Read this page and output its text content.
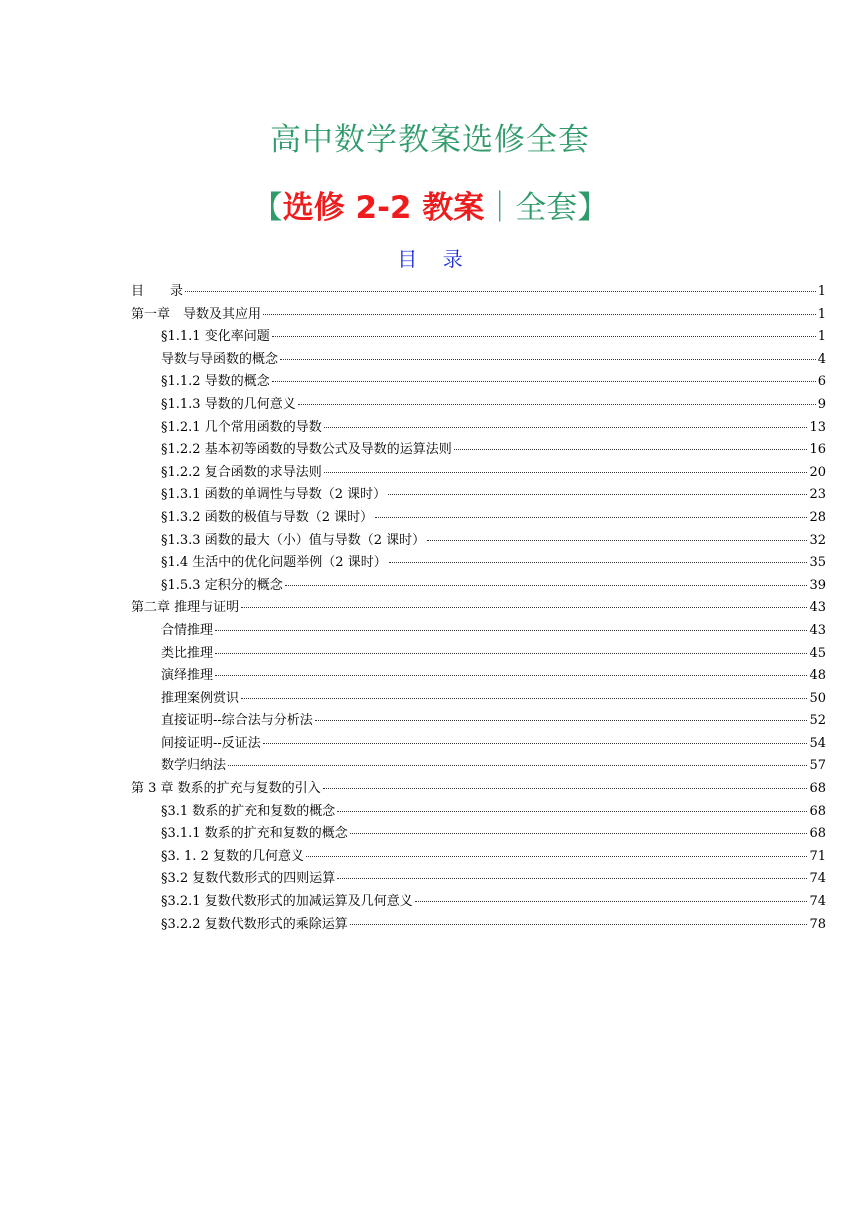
高中数学教案选修全套
【选修 2-2 教案｜全套】
目    录
目　　录	1
第一章　导数及其应用	1
§1.1.1 变化率问题	1
导数与导函数的概念	4
§1.1.2 导数的概念	6
§1.1.3 导数的几何意义	9
§1.2.1 几个常用函数的导数	13
§1.2.2 基本初等函数的导数公式及导数的运算法则	16
§1.2.2 复合函数的求导法则	20
§1.3.1 函数的单调性与导数（2 课时）	23
§1.3.2 函数的极值与导数（2 课时）	28
§1.3.3 函数的最大（小）值与导数（2 课时）	32
§1.4 生活中的优化问题举例（2 课时）	35
§1.5.3 定积分的概念	39
第二章 推理与证明	43
合情推理	43
类比推理	45
演绎推理	48
推理案例赏识	50
直接证明--综合法与分析法	52
间接证明--反证法	54
数学归纳法	57
第 3 章 数系的扩充与复数的引入	68
§3.1 数系的扩充和复数的概念	68
§3.1.1 数系的扩充和复数的概念	68
§3. 1. 2 复数的几何意义	71
§3.2 复数代数形式的四则运算	74
§3.2.1 复数代数形式的加减运算及几何意义	74
§3.2.2 复数代数形式的乘除运算	78
